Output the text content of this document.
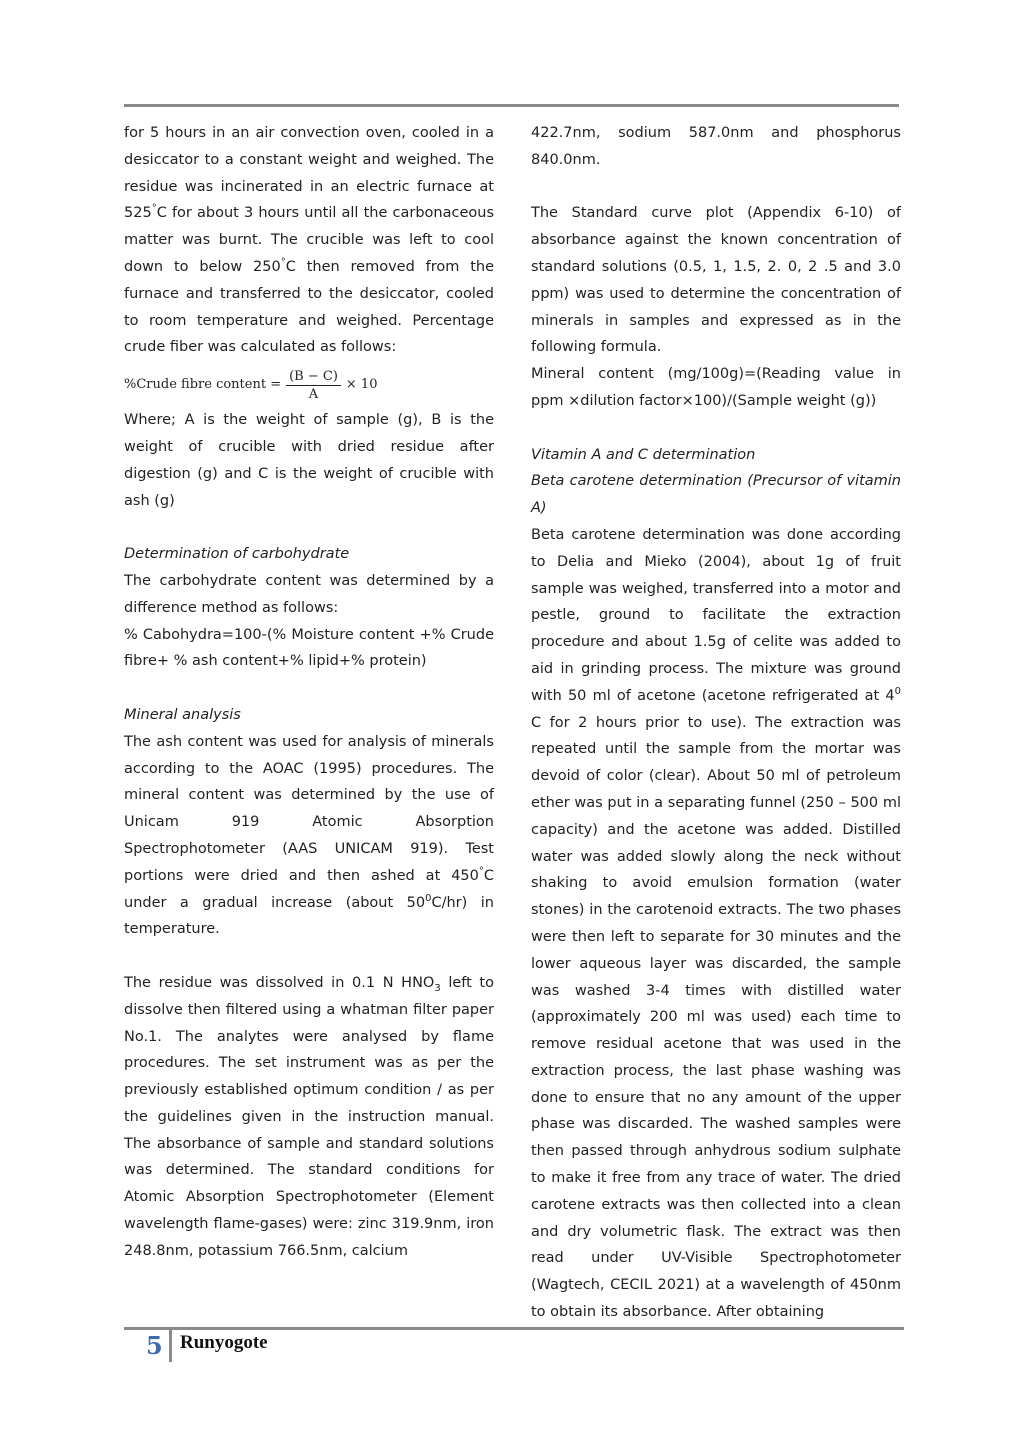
for 5 hours in an air convection oven, cooled in a desiccator to a constant weight and weighed. The residue was incinerated in an electric furnace at 525°C for about 3 hours until all the carbonaceous matter was burnt. The crucible was left to cool down to below 250°C then removed from the furnace and transferred to the desiccator, cooled to room temperature and weighed. Percentage crude fiber was calculated as follows:

%Crude fibre content = $\frac{(B - C)}{A} \times 10$

Where; A is the weight of sample (g), B is the weight of crucible with dried residue after digestion (g) and C is the weight of crucible with ash (g)

Determination of carbohydrate

The carbohydrate content was determined by a difference method as follows:

% Cabohydra=100-(% Moisture content +% Crude fibre+ % ash content+% lipid+% protein)

Mineral analysis

The ash content was used for analysis of minerals according to the AOAC (1995) procedures. The mineral content was determined by the use of Unicam 919 Atomic Absorption Spectrophotometer (AAS UNICAM 919). Test portions were dried and then ashed at 450°C under a gradual increase (about $50^0C/hr$) in temperature.

The residue was dissolved in 0.1 N $HNO_3$ left to dissolve then filtered using a whatman filter paper No.1. The analytes were analysed by flame procedures. The set instrument was as per the previously established optimum condition / as per the guidelines given in the instruction manual. The absorbance of sample and standard solutions was determined. The standard conditions for Atomic Absorption Spectrophotometer (Element wavelength flame-gases) were: zinc 319.9nm, iron 248.8nm, potassium 766.5nm, calcium

422.7nm, sodium 587.0nm and phosphorus 840.0nm.

The Standard curve plot (Appendix 6-10) of absorbance against the known concentration of standard solutions (0.5, 1, 1.5, 2. 0, 2 .5 and 3.0 ppm) was used to determine the concentration of minerals in samples and expressed as in the following formula.

Mineral content (mg/100g)=(Reading value in ppm ×dilution factor×100)/(Sample weight (g))

Vitamin A and C determination

Beta carotene determination (Precursor of vitamin A)

Beta carotene determination was done according to Delia and Mieko (2004), about 1g of fruit sample was weighed, transferred into a motor and pestle, ground to facilitate the extraction procedure and about 1.5g of celite was added to aid in grinding process. The mixture was ground with 50 ml of acetone (acetone refrigerated at $4^0$ C for 2 hours prior to use). The extraction was repeated until the sample from the mortar was devoid of color (clear). About 50 ml of petroleum ether was put in a separating funnel (250 – 500 ml capacity) and the acetone was added. Distilled water was added slowly along the neck without shaking to avoid emulsion formation (water stones) in the carotenoid extracts. The two phases were then left to separate for 30 minutes and the lower aqueous layer was discarded, the sample was washed 3-4 times with distilled water (approximately 200 ml was used) each time to remove residual acetone that was used in the extraction process, the last phase washing was done to ensure that no any amount of the upper phase was discarded. The washed samples were then passed through anhydrous sodium sulphate to make it free from any trace of water. The dried carotene extracts was then collected into a clean and dry volumetric flask. The extract was then read under UV-Visible Spectrophotometer (Wagtech, CECIL 2021) at a wavelength of 450nm to obtain its absorbance. After obtaining

5 Runyogote
